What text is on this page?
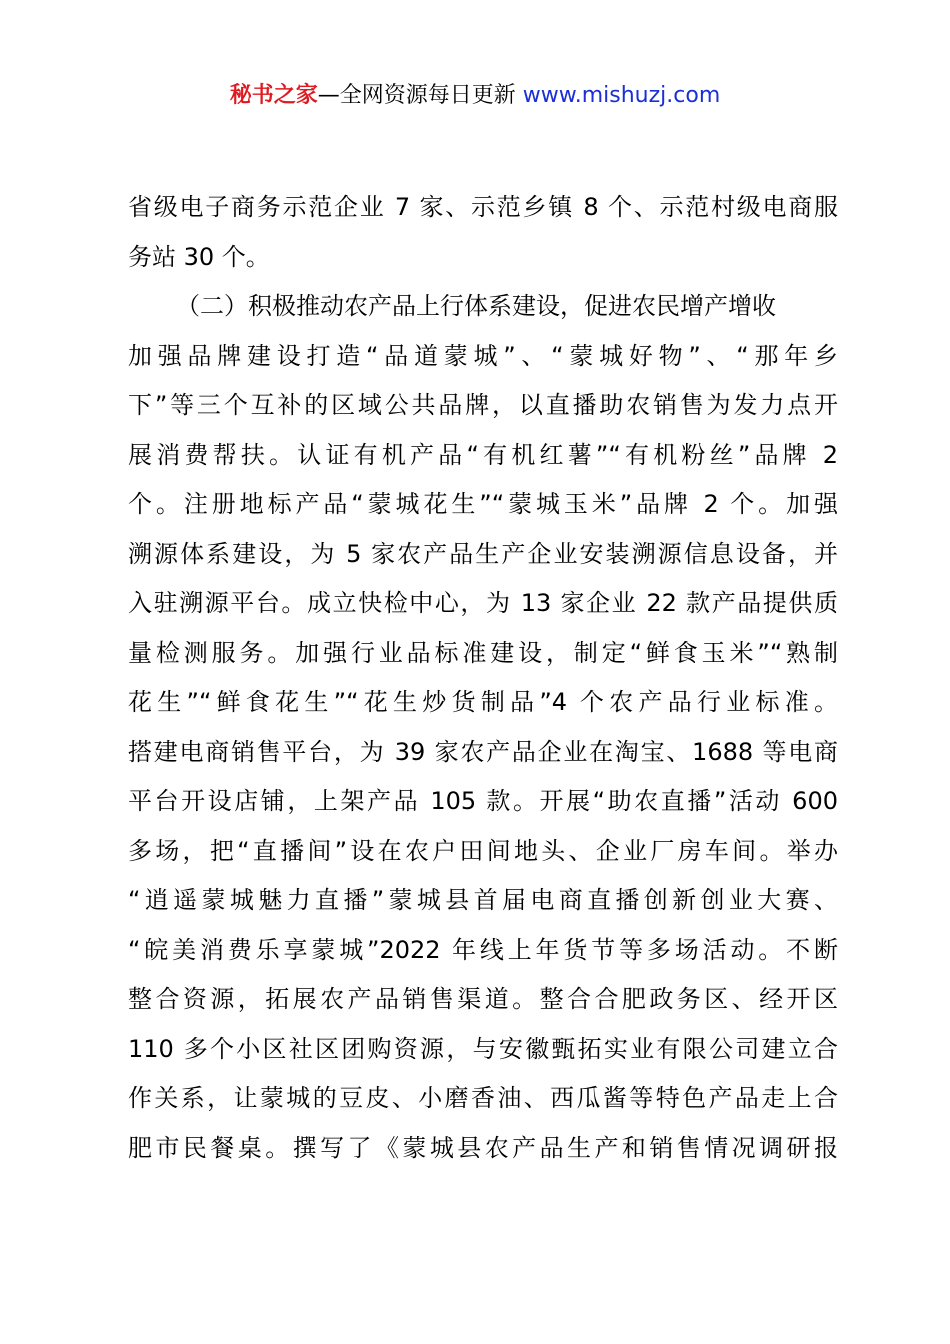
秘书之家—全网资源每日更新 www.mishuzj.com
省级电子商务示范企业 7 家、示范乡镇 8 个、示范村级电商服
务站 30 个。
（二）积极推动农产品上行体系建设，促进农民增产增收
加强品牌建设打造“品道蒙城”、“蒙城好物”、“那年乡
下”等三个互补的区域公共品牌，以直播助农销售为发力点开
展消费帮扶。认证有机产品“有机红薯”“有机粉丝”品牌 2
个。注册地标产品“蒙城花生”“蒙城玉米”品牌 2 个。加强
溯源体系建设，为 5 家农产品生产企业安装溯源信息设备，并
入驻溯源平台。成立快检中心，为 13 家企业 22 款产品提供质
量检测服务。加强行业品标准建设，制定“鲜食玉米”“熟制
花生”“鲜食花生”“花生炒货制品”4 个农产品行业标准。
搭建电商销售平台，为 39 家农产品企业在淘宝、1688 等电商
平台开设店铺，上架产品 105 款。开展“助农直播”活动 600
多场，把“直播间”设在农户田间地头、企业厂房车间。举办
“逍遥蒙城魅力直播”蒙城县首届电商直播创新创业大赛、
“皖美消费乐享蒙城”2022 年线上年货节等多场活动。不断
整合资源，拓展农产品销售渠道。整合合肥政务区、经开区
110 多个小区社区团购资源，与安徽甄拓实业有限公司建立合
作关系，让蒙城的豆皮、小磨香油、西瓜酱等特色产品走上合
肥市民餐桌。撰写了《蒙城县农产品生产和销售情况调研报
